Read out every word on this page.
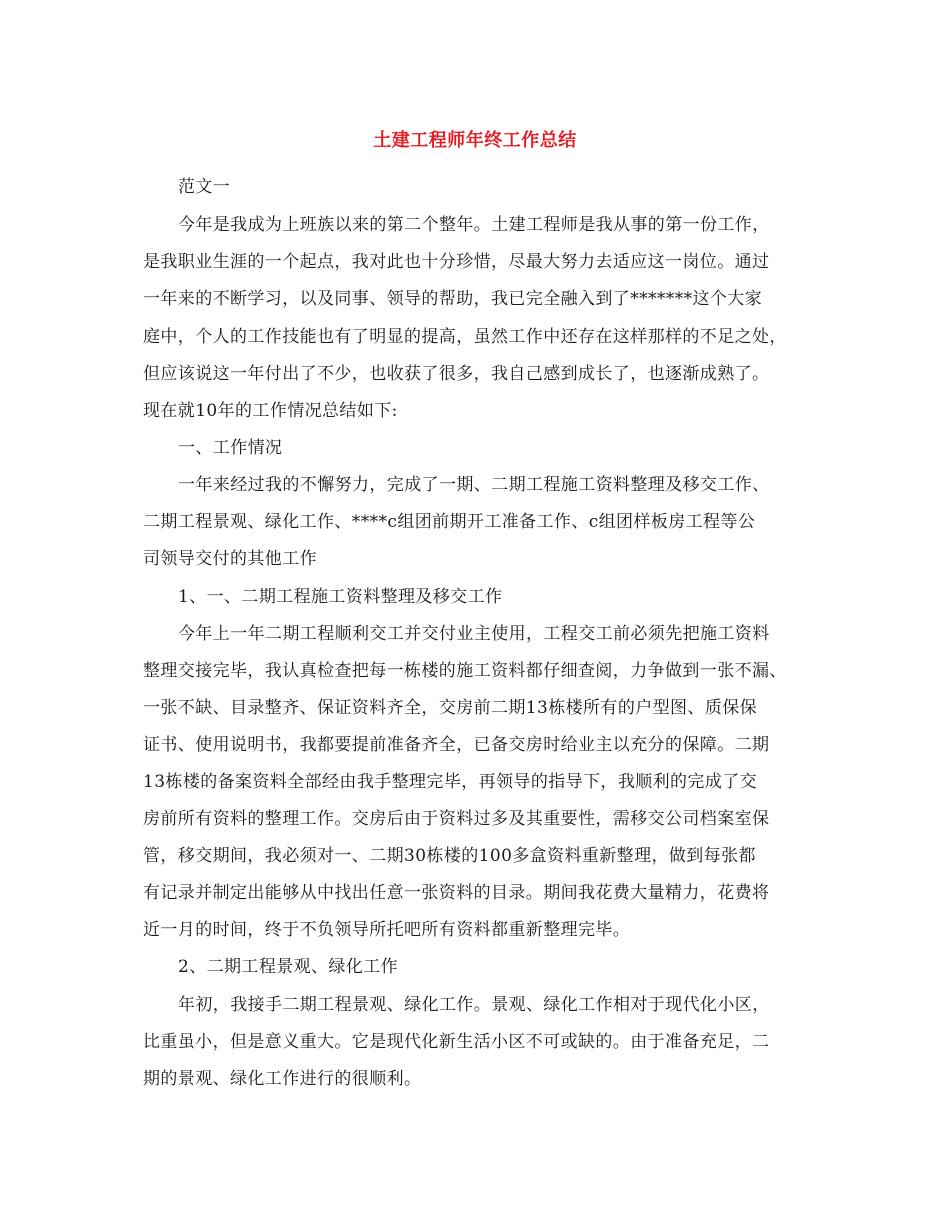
土建工程师年终工作总结
范文一
今年是我成为上班族以来的第二个整年。土建工程师是我从事的第一份工作，
是我职业生涯的一个起点，我对此也十分珍惜，尽最大努力去适应这一岗位。通过
一年来的不断学习，以及同事、领导的帮助，我已完全融入到了*******这个大家
庭中，个人的工作技能也有了明显的提高，虽然工作中还存在这样那样的不足之处，
但应该说这一年付出了不少，也收获了很多，我自己感到成长了，也逐渐成熟了。
现在就10年的工作情况总结如下:
一、工作情况
一年来经过我的不懈努力，完成了一期、二期工程施工资料整理及移交工作、
二期工程景观、绿化工作、****c组团前期开工准备工作、c组团样板房工程等公
司领导交付的其他工作
1、一、二期工程施工资料整理及移交工作
今年上一年二期工程顺利交工并交付业主使用，工程交工前必须先把施工资料
整理交接完毕，我认真检查把每一栋楼的施工资料都仔细查阅，力争做到一张不漏、
一张不缺、目录整齐、保证资料齐全，交房前二期13栋楼所有的户型图、质保保
证书、使用说明书，我都要提前准备齐全，已备交房时给业主以充分的保障。二期
13栋楼的备案资料全部经由我手整理完毕，再领导的指导下，我顺利的完成了交
房前所有资料的整理工作。交房后由于资料过多及其重要性，需移交公司档案室保
管，移交期间，我必须对一、二期30栋楼的100多盒资料重新整理，做到每张都
有记录并制定出能够从中找出任意一张资料的目录。期间我花费大量精力，花费将
近一月的时间，终于不负领导所托吧所有资料都重新整理完毕。
2、二期工程景观、绿化工作
年初，我接手二期工程景观、绿化工作。景观、绿化工作相对于现代化小区，
比重虽小，但是意义重大。它是现代化新生活小区不可或缺的。由于准备充足，二
期的景观、绿化工作进行的很顺利。
